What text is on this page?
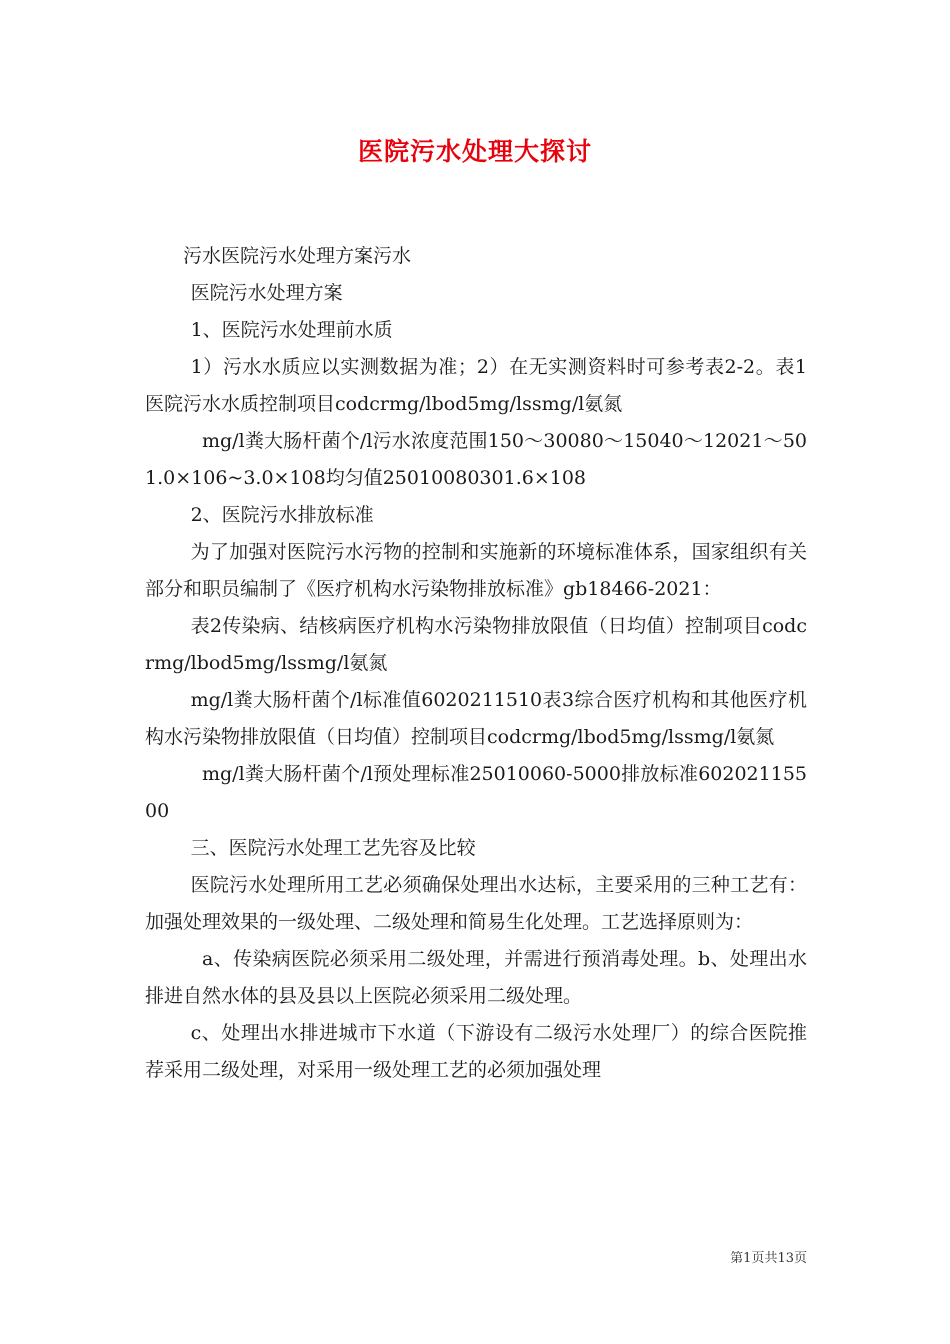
医院污水处理大探讨

污水医院污水处理方案污水

医院污水处理方案

1、医院污水处理前水质

1）污水水质应以实测数据为准；2）在无实测资料时可参考表2-2。表1医院污水水质控制项目codcrmg/lbod5mg/lssmg/l氨氮

mg/l粪大肠杆菌个/l污水浓度范围150～30080～15040～12021～501.0×106~3.0×108均匀值25010080301.6×108

2、医院污水排放标准

为了加强对医院污水污物的控制和实施新的环境标准体系，国家组织有关部分和职员编制了《医疗机构水污染物排放标准》gb18466-2021：

表2传染病、结核病医疗机构水污染物排放限值（日均值）控制项目codcrmg/lbod5mg/lssmg/l氨氮

mg/l粪大肠杆菌个/l标准值6020211510表3综合医疗机构和其他医疗机构水污染物排放限值（日均值）控制项目codcrmg/lbod5mg/lssmg/l氨氮

mg/l粪大肠杆菌个/l预处理标准25010060-5000排放标准60202115500

三、医院污水处理工艺先容及比较

医院污水处理所用工艺必须确保处理出水达标，主要采用的三种工艺有：加强处理效果的一级处理、二级处理和简易生化处理。工艺选择原则为：

a、传染病医院必须采用二级处理，并需进行预消毒处理。b、处理出水排进自然水体的县及县以上医院必须采用二级处理。

c、处理出水排进城市下水道（下游设有二级污水处理厂）的综合医院推荐采用二级处理，对采用一级处理工艺的必须加强处理

第1页共13页
